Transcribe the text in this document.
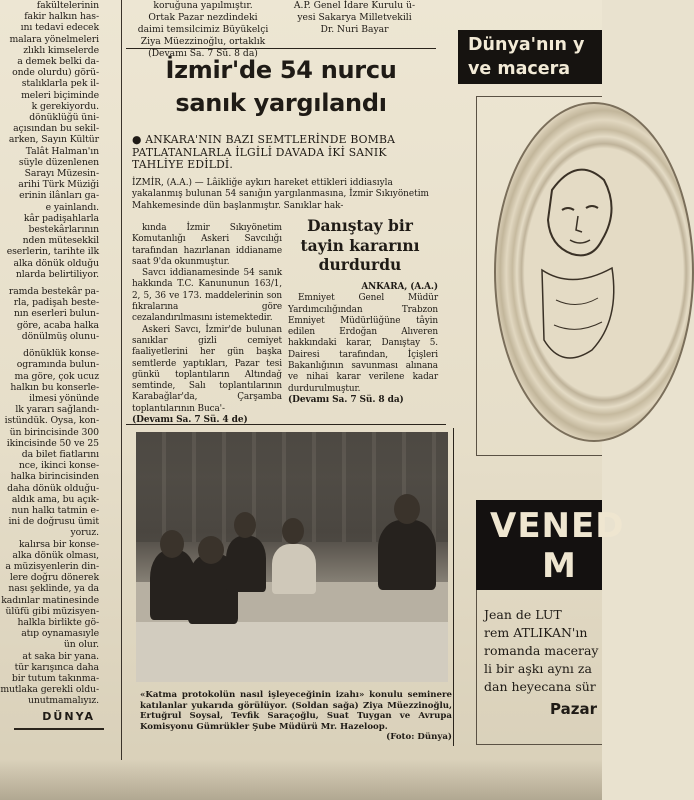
fakültelerinin

fakir halkın has-

ını tedavi edecek

malara yönelmeleri

zlıklı kimselerde

a demek belki da-

onde olurdu) görü-

stalıklarla pek il-

meleri biçiminde

k gerekiyordu.

dönüklüğü üni-

açısından bu sekil-

arken, Sayın Kültür

Talât Halman'ın

süyle düzenlenen

Sarayı Müzesin-

arihi Türk Müziği

erinin ilânları ga-

e yainlandı.

kâr padişahlarla

bestekârlarının

nden mütesekkil

eserlerin, tarihte ilk

alka dönük olduğu

nlarda belirtiliyor.

ramda bestekâr pa-

rla, padişah beste-

nın eserleri bulun-

göre, acaba halka

dönülmüş olunu-

dönüklük konse-

ogramında bulun-

ma göre, çok ucuz

halkın bu konserle-

ilmesi yönünde

lk yararı sağlandı-

istündük. Oysa, kon-

ün birincisinde 300

ikincisinde 50 ve 25

da bilet fiatlarını

nce, ikinci konse-

halka birincisinden

daha dönük olduğu-

aldık ama, bu açık-

nun halkı tatmin e-

ini de doğrusu ümit

yoruz.

kalırsa bir konse-

alka dönük olması,

a müzisyenlerin din-

lere doğru dönerek

nası şeklinde, ya da

kadınlar matinesinde

ülüfü gibi müzisyen-

halkla birlikte gö-

atıp oynamasıyle

ün olur.

at saka bir yana.

tür karışınca daha

bir tutum takınma-

mutlaka gerekli oldu-

unutmamalıyız.

DÜNYA

koruğuna yapılmıştır.

Ortak Pazar nezdindeki

daimi temsilcimiz Büyükelçi

Ziya Müezzinoğlu, ortaklık

(Devamı Sa. 7 Sü. 8 da)

A.P. Genel İdare Kurulu ü-

yesi Sakarya Milletvekili

Dr. Nuri Bayar

İzmir'de 54 nurcu
sanık yargılandı
● ANKARA'NIN BAZI SEMTLERİNDE BOMBA PATLATANLARLA İLGİLİ DAVADA İKİ SANIK TAHLİYE EDİLDİ.
İZMİR, (A.A.) — Lâikliğe aykırı hareket ettikleri iddiasıyla yakalanmış bulunan 54 sanığın yargılanmasına, İzmir Sıkıyönetim Mahkemesinde dün başlanmıştır. Sanıklar hak-

kında İzmir Sıkıyönetim Komutanlığı Askeri Savcılığı tarafından hazırlanan iddianame saat 9'da okunmuştur.

Savcı iddianamesinde 54 sanık hakkında T.C. Kanununun 163/1, 2, 5, 36 ve 173. maddelerinin son fıkralarına göre cezalandırılmasını istemektedir.

Askeri Savcı, İzmir'de bulunan sanıklar gizli cemiyet faaliyetlerini her gün başka semtlerde yaptıkları, Pazar tesi günkü toplantıların Altındağ semtinde, Salı toplantılarının Karabağlar'da, Çarşamba toplantılarının Buca'-

(Devamı Sa. 7 Sü. 4 de)

Danıştay bir tayin kararını durdurdu

ANKARA, (A.A.)

Emniyet Genel Müdür Yardımcılığından Trabzon Emniyet Müdürlüğüne tâyin edilen Erdoğan Alıveren hakkındaki karar, Danıştay 5. Dairesi tarafından, İçişleri Bakanlığının savunması alınana ve nihai karar verilene kadar durdurulmuştur.

(Devamı Sa. 7 Sü. 8 da)

«Katma protokolün nasıl işleyeceğinin izahı» konulu seminere katılanlar yukarıda görülüyor. (Soldan sağa) Ziya Müezzinoğlu, Ertuğrul Soysal, Tevfik Saraçoğlu, Suat Tuygan ve Avrupa Komisyonu Gümrükler Şube Müdürü Mr. Hazeloop.
(Foto: Dünya)
Dünya'nın y
ve macera
VENED
M

Jean de LUT

rem ATLIKAN'ın

romanda maceray

li bir aşkı aynı za

dan heyecana sür

Pazar
